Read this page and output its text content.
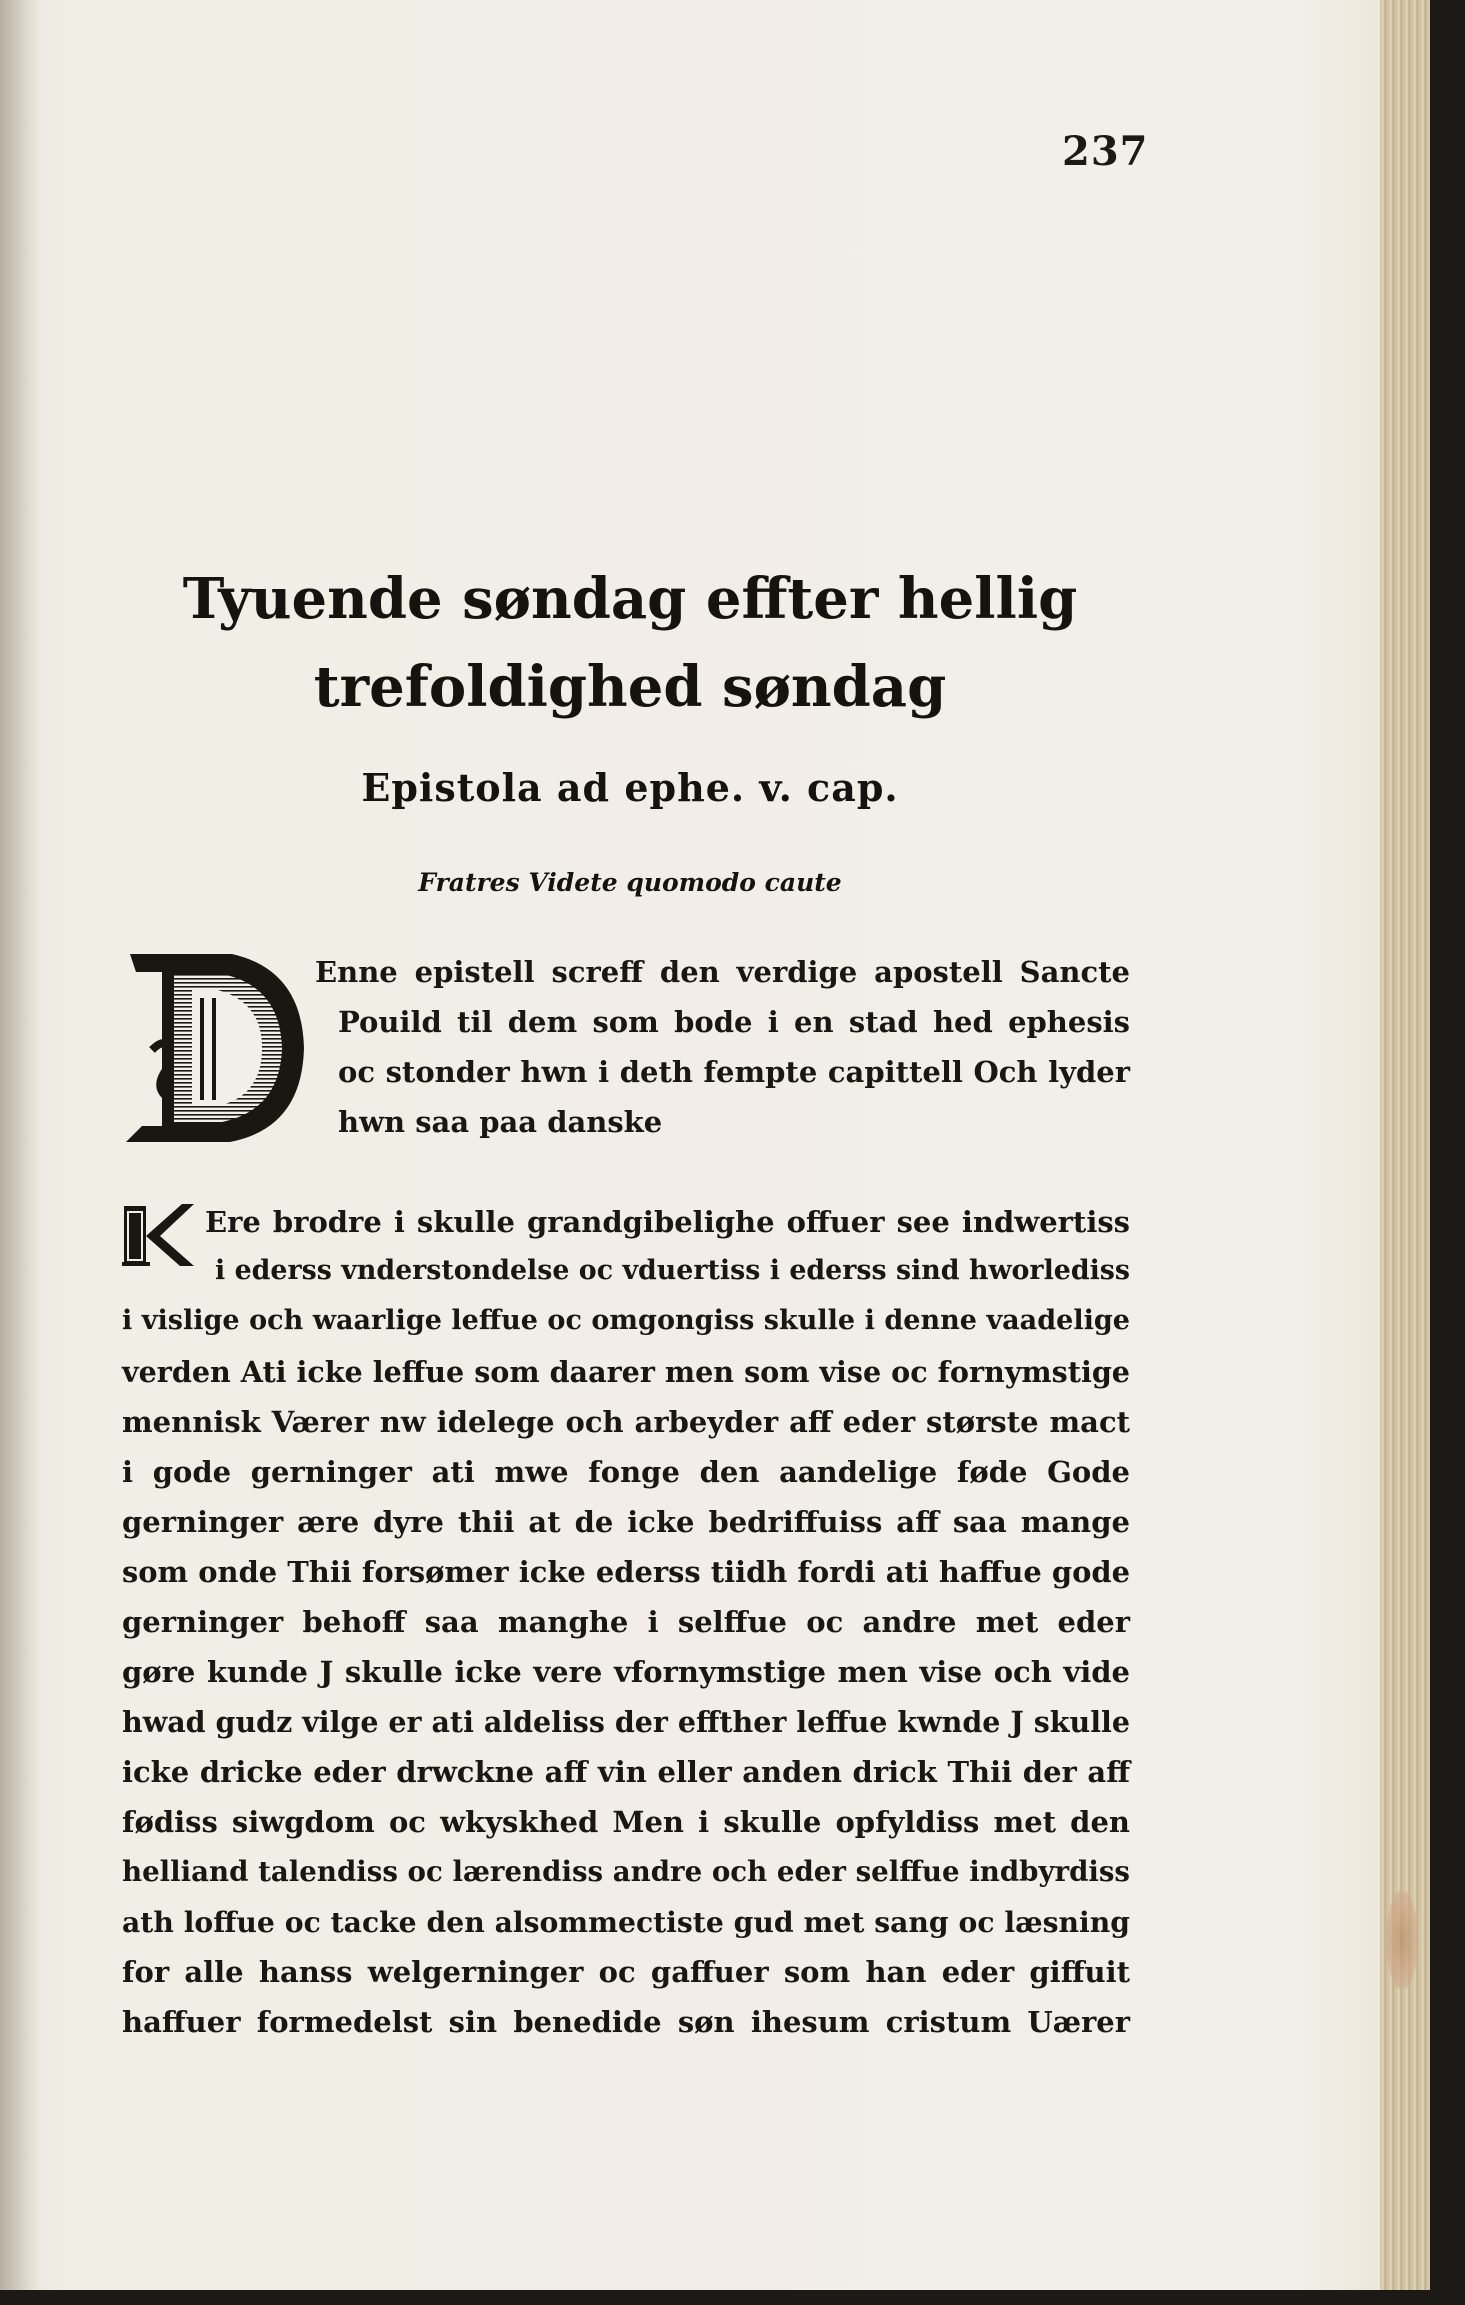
237
Tyuende søndag effter hellig
trefoldighed søndag
Epistola ad ephe. v. cap.
Fratres Videte quomodo caute
Enne epistell screff den verdige apostell Sancte
Pouild til dem som bode i en stad hed ephesis
oc stonder hwn i deth fempte capittell Och lyder
hwn saa paa danske
Ere brodre i skulle grandgibelighe offuer see indwertiss
i ederss vnderstondelse oc vduertiss i ederss sind hworlediss
i vislige och waarlige leffue oc omgongiss skulle i denne vaadelige
verden Ati icke leffue som daarer men som vise oc fornymstige
mennisk Værer nw idelege och arbeyder aff eder største mact
i gode gerninger ati mwe fonge den aandelige føde Gode
gerninger ære dyre thii at de icke bedriffuiss aff saa mange
som onde Thii forsømer icke ederss tiidh fordi ati haffue gode
gerninger behoff saa manghe i selffue oc andre met eder
gøre kunde J skulle icke vere vfornymstige men vise och vide
hwad gudz vilge er ati aldeliss der effther leffue kwnde J skulle
icke dricke eder drwckne aff vin eller anden drick Thii der aff
fødiss siwgdom oc wkyskhed Men i skulle opfyldiss met den
helliand talendiss oc lærendiss andre och eder selffue indbyrdiss
ath loffue oc tacke den alsommectiste gud met sang oc læsning
for alle hanss welgerninger oc gaffuer som han eder giffuit
haffuer formedelst sin benedide søn ihesum cristum Uærer
